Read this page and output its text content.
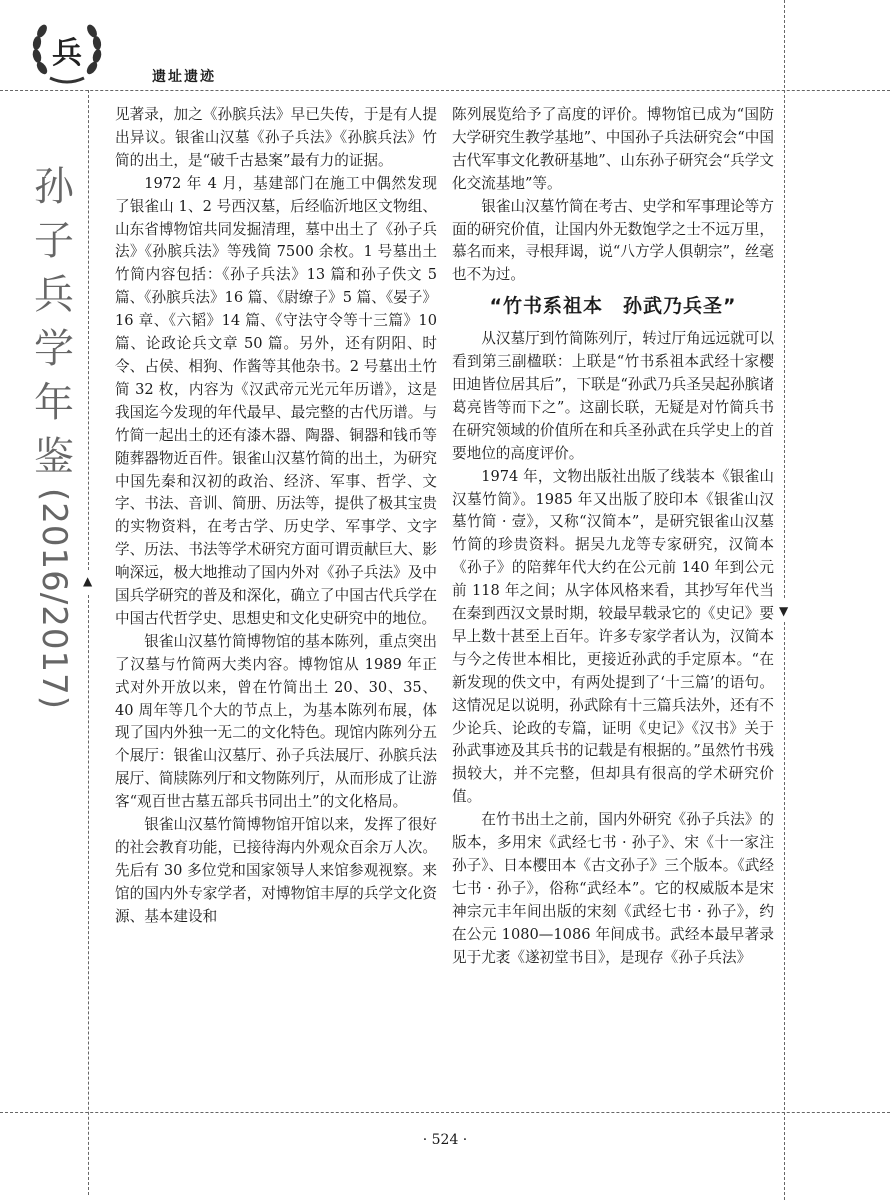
▲
▼
兵
遗址遗迹
孙
子
兵
学
年
鉴
(2016/2017)

见著录，加之《孙膑兵法》早已失传，于是有人提出异议。银雀山汉墓《孙子兵法》《孙膑兵法》竹简的出土，是“破千古悬案”最有力的证据。

1972 年 4 月，基建部门在施工中偶然发现了银雀山 1、2 号西汉墓，后经临沂地区文物组、山东省博物馆共同发掘清理，墓中出土了《孙子兵法》《孙膑兵法》等残简 7500 余枚。1 号墓出土竹简内容包括：《孙子兵法》13 篇和孙子佚文 5 篇、《孙膑兵法》16 篇、《尉缭子》5 篇、《晏子》16 章、《六韬》14 篇、《守法守令等十三篇》10 篇、论政论兵文章 50 篇。另外，还有阴阳、时令、占侯、相狗、作酱等其他杂书。2 号墓出土竹简 32 枚，内容为《汉武帝元光元年历谱》，这是我国迄今发现的年代最早、最完整的古代历谱。与竹简一起出土的还有漆木器、陶器、铜器和钱币等随葬器物近百件。银雀山汉墓竹简的出土，为研究中国先秦和汉初的政治、经济、军事、哲学、文字、书法、音训、简册、历法等，提供了极其宝贵的实物资料，在考古学、历史学、军事学、文字学、历法、书法等学术研究方面可谓贡献巨大、影响深远，极大地推动了国内外对《孙子兵法》及中国兵学研究的普及和深化，确立了中国古代兵学在中国古代哲学史、思想史和文化史研究中的地位。

银雀山汉墓竹简博物馆的基本陈列，重点突出了汉墓与竹简两大类内容。博物馆从 1989 年正式对外开放以来，曾在竹简出土 20、30、35、40 周年等几个大的节点上，为基本陈列布展，体现了国内外独一无二的文化特色。现馆内陈列分五个展厅：银雀山汉墓厅、孙子兵法展厅、孙膑兵法展厅、简牍陈列厅和文物陈列厅，从而形成了让游客“观百世古墓五部兵书同出土”的文化格局。

银雀山汉墓竹简博物馆开馆以来，发挥了很好的社会教育功能，已接待海内外观众百余万人次。先后有 30 多位党和国家领导人来馆参观视察。来馆的国内外专家学者，对博物馆丰厚的兵学文化资源、基本建设和

陈列展览给予了高度的评价。博物馆已成为“国防大学研究生教学基地”、中国孙子兵法研究会“中国古代军事文化教研基地”、山东孙子研究会“兵学文化交流基地”等。

银雀山汉墓竹简在考古、史学和军事理论等方面的研究价值，让国内外无数饱学之士不远万里，慕名而来，寻根拜谒，说“八方学人俱朝宗”，丝毫也不为过。

“竹书系祖本　孙武乃兵圣”

从汉墓厅到竹简陈列厅，转过厅角远远就可以看到第三副楹联：上联是“竹书系祖本武经十家樱田迪皆位居其后”，下联是“孙武乃兵圣吴起孙膑诸葛亮皆等而下之”。这副长联，无疑是对竹简兵书在研究领域的价值所在和兵圣孙武在兵学史上的首要地位的高度评价。

1974 年，文物出版社出版了线装本《银雀山汉墓竹简》。1985 年又出版了胶印本《银雀山汉墓竹简 · 壹》，又称“汉简本”，是研究银雀山汉墓竹简的珍贵资料。据吴九龙等专家研究，汉简本《孙子》的陪葬年代大约在公元前 140 年到公元前 118 年之间；从字体风格来看，其抄写年代当在秦到西汉文景时期，较最早载录它的《史记》要早上数十甚至上百年。许多专家学者认为，汉简本与今之传世本相比，更接近孙武的手定原本。“在新发现的佚文中，有两处提到了‘十三篇’的语句。这情况足以说明，孙武除有十三篇兵法外，还有不少论兵、论政的专篇，证明《史记》《汉书》关于孙武事迹及其兵书的记载是有根据的。”虽然竹书残损较大，并不完整，但却具有很高的学术研究价值。

在竹书出土之前，国内外研究《孙子兵法》的版本，多用宋《武经七书 · 孙子》、宋《十一家注孙子》、日本樱田本《古文孙子》三个版本。《武经七书 · 孙子》，俗称“武经本”。它的权威版本是宋神宗元丰年间出版的宋刻《武经七书 · 孙子》，约在公元 1080—1086 年间成书。武经本最早著录见于尤袤《遂初堂书目》，是现存《孙子兵法》

· 524 ·
